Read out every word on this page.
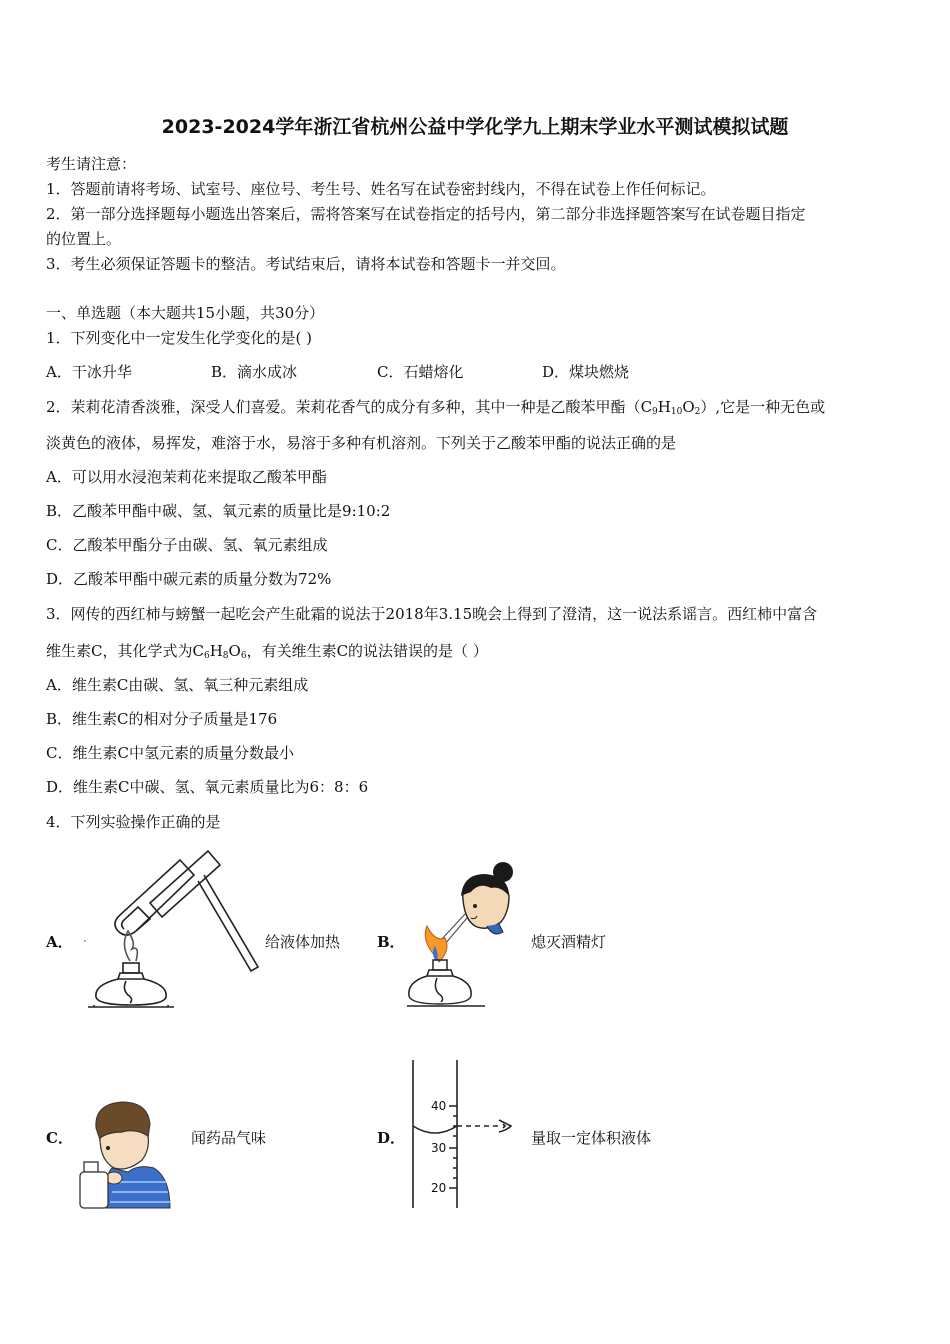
2023-2024学年浙江省杭州公益中学化学九上期末学业水平测试模拟试题
考生请注意：
1．答题前请将考场、试室号、座位号、考生号、姓名写在试卷密封线内，不得在试卷上作任何标记。
2．第一部分选择题每小题选出答案后，需将答案写在试卷指定的括号内，第二部分非选择题答案写在试卷题目指定
的位置上。
3．考生必须保证答题卡的整洁。考试结束后，请将本试卷和答题卡一并交回。
一、单选题（本大题共15小题，共30分）
1．下列变化中一定发生化学变化的是( )
A．干冰升华	B．滴水成冰	C．石蜡熔化	D．煤块燃烧
2．茉莉花清香淡雅，深受人们喜爱。茉莉花香气的成分有多种，其中一种是乙酸苯甲酯$(C_9H_{10}O_2)$,它是一种无色或
淡黄色的液体，易挥发，难溶于水，易溶于多种有机溶剂。下列关于乙酸苯甲酯的说法正确的是
A．可以用水浸泡茉莉花来提取乙酸苯甲酯
B．乙酸苯甲酯中碳、氢、氧元素的质量比是9:10:2
C．乙酸苯甲酯分子由碳、氢、氧元素组成
D．乙酸苯甲酯中碳元素的质量分数为72%
3．网传的西红柿与螃蟹一起吃会产生砒霜的说法于2018年3.15晚会上得到了澄清，这一说法系谣言。西红柿中富含
维生素C，其化学式为$C_6H_8O_6$，有关维生素C的说法错误的是（ ）
A．维生素C由碳、氢、氧三种元素组成
B．维生素C的相对分子质量是176
C．维生素C中氢元素的质量分数最小
D．维生素C中碳、氢、氧元素质量比为6：8：6
4．下列实验操作正确的是
A．	给液体加热 B．	熄灭酒精灯
C．	闻药品气味	D．
40
30
20
量取一定体积液体
